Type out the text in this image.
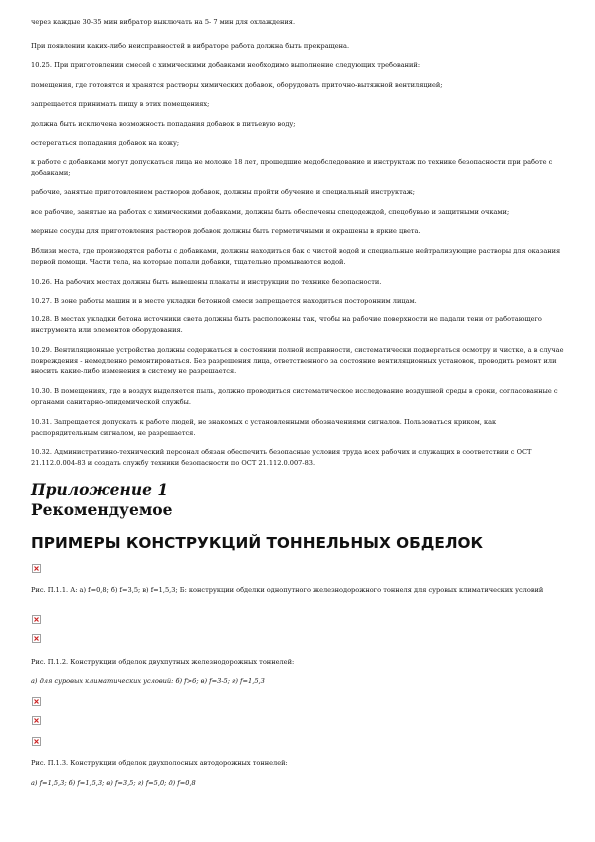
через каждые 30-35 мин вибратор выключать на 5- 7 мин для охлаждения.
При появлении каких-либо неисправностей в вибраторе работа должна быть прекращена.
10.25. При приготовлении смесей с химическими добавками необходимо выполнение следующих требований:
помещения, где готовятся и хранятся растворы химических добавок, оборудовать приточно-вытяжной вентиляцией;
запрещается принимать пищу в этих помещениях;
должна быть исключена возможность попадания добавок в питьевую воду;
остерегаться попадания добавок на кожу;
к работе с добавками могут допускаться лица не моложе 18 лет, прошедшие медобследование и инструктаж по технике безопасности при работе с добавками;
рабочие, занятые приготовлением растворов добавок, должны пройти обучение и специальный инструктаж;
все рабочие, занятые на работах с химическими добавками, должны быть обеспечены спецодеждой, спецобувью и защитными очками;
мерные сосуды для приготовления растворов добавок должны быть герметичными и окрашены в яркие цвета.
Вблизи места, где производятся работы с добавками, должны находиться бак с чистой водой и специальные нейтрализующие растворы для оказания первой помощи. Части тела, на которые попали добавки, тщательно промываются водой.
10.26. На рабочих местах должны быть вывешены плакаты и инструкции по технике безопасности.
10.27. В зоне работы машин и в месте укладки бетонной смеси запрещается находиться посторонним лицам.
10.28. В местах укладки бетона источники света должны быть расположены так, чтобы на рабочие поверхности не падали тени от работающего инструмента или элементов оборудования.
10.29. Вентиляционные устройства должны содержаться в состоянии полной исправности, систематически подвергаться осмотру и чистке, а в случае повреждения - немедленно ремонтироваться. Без разрешения лица, ответственного за состояние вентиляционных установок, проводить ремонт или вносить какие-либо изменения в систему не разрешается.
10.30. В помещениях, где в воздух выделяется пыль, должно проводиться систематическое исследование воздушной среды в сроки, согласованные с органами санитарно-эпидемической службы.
10.31. Запрещается допускать к работе людей, не знакомых с установленными обозначениями сигналов. Пользоваться криком, как распорядительным сигналом, не разрешается.
10.32. Административно-технический персонал обязан обеспечить безопасные условия труда всех рабочих и служащих в соответствии с ОСТ 21.112.0.004-83 и создать службу техники безопасности по ОСТ 21.112.0.007-83.
Приложение 1
Рекомендуемое
ПРИМЕРЫ КОНСТРУКЦИЙ ТОННЕЛЬНЫХ ОБДЕЛОК
Рис. П.1.1. А: а) f=0,8; б) f=3,5; в) f=1,5,3; Б: конструкции обделки однопутного железнодорожного тоннеля для суровых климатических условий
Рис. П.1.2. Конструкции обделок двухпутных железнодорожных тоннелей:
а) для суровых климатических условий: б) f>6; в) f=3-5; г) f=1,5,3
Рис. П.1.3. Конструкции обделок двухполосных автодорожных тоннелей:
а) f=1,5,3; б) f=1,5,3; в) f=3,5; г) f=5,0; д) f=0,8
